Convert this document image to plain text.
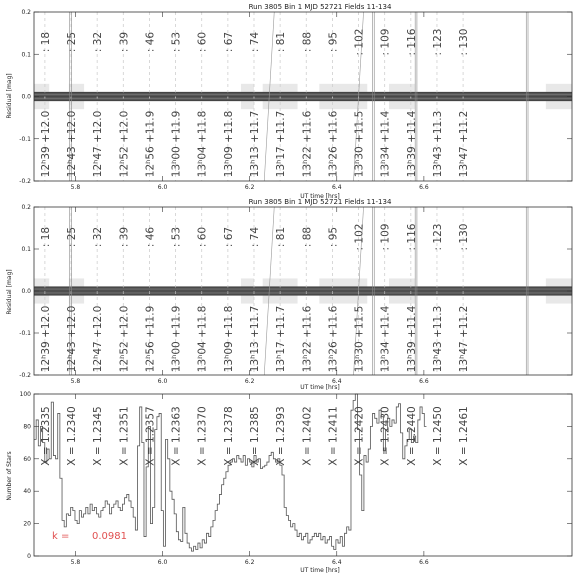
Run 3805 Bin 1 MJD 52721 Fields 11-134
Residual [mag]
UT time [hrs]
: 18
12ʰ39 +12.0
: 25
12ʰ43 +12.0
: 32
12ʰ47 +12.0
: 39
12ʰ52 +12.0
: 46
12ʰ56 +11.9
: 53
13ʰ00 +11.9
: 60
13ʰ04 +11.8
: 67
13ʰ09 +11.8
: 74
13ʰ13 +11.7
: 81
13ʰ17 +11.7
: 88
13ʰ22 +11.6
: 95
13ʰ26 +11.6
: 102
13ʰ30 +11.5
: 109
13ʰ34 +11.4
: 116
13ʰ39 +11.4
: 123
13ʰ43 +11.3
: 130
13ʰ47 +11.2
-0.2
-0.1
0.0
0.1
0.2
5.8	6.0	6.2	6.4	6.6
Run 3805 Bin 1 MJD 52721 Fields 11-134
Residual [mag]
UT time [hrs]
: 18
12ʰ39 +12.0
: 25
12ʰ43 +12.0
: 32
12ʰ47 +12.0
: 39
12ʰ52 +12.0
: 46
12ʰ56 +11.9
: 53
13ʰ00 +11.9
: 60
13ʰ04 +11.8
: 67
13ʰ09 +11.8
: 74
13ʰ13 +11.7
: 81
13ʰ17 +11.7
: 88
13ʰ22 +11.6
: 95
13ʰ26 +11.6
: 102
13ʰ30 +11.5
: 109
13ʰ34 +11.4
: 116
13ʰ39 +11.4
: 123
13ʰ43 +11.3
: 130
13ʰ47 +11.2
-0.2
-0.1
0.0
0.1
0.2
5.8	6.0	6.2	6.4	6.6
Number of Stars
UT time [hrs]
X = 1.2335 X = 1.2340 X = 1.2345 X = 1.2351 X = 1.2357 X = 1.2363 X = 1.2370 X = 1.2378 X = 1.2385 X = 1.2393 X = 1.2402 X = 1.2411 X = 1.2420 X = 1.2430 X = 1.2440 X = 1.2450 X = 1.2461
0
20
40
60
80
100
5.8	6.0	6.2	6.4	6.6
k = 0.0981
